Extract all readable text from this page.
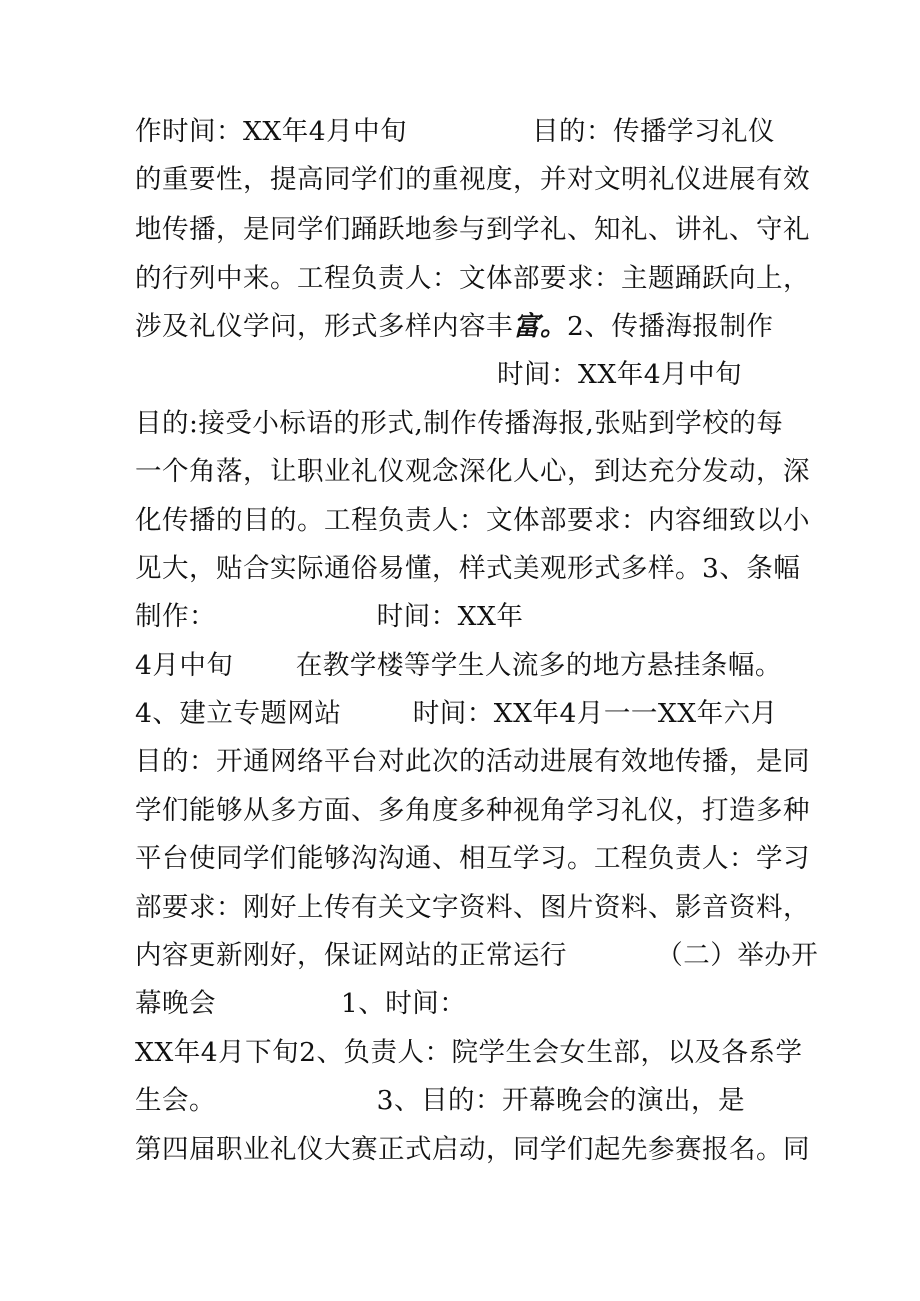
作时间：XX年4月中旬              目的：传播学习礼仪
的重要性，提高同学们的重视度，并对文明礼仪进展有效
地传播，是同学们踊跃地参与到学礼、知礼、讲礼、守礼
的行列中来。工程负责人：文体部要求：主题踊跃向上，
涉及礼仪学问，形式多样内容丰富。2、传播海报制作
时间：XX年4月中旬
目的:接受小标语的形式,制作传播海报,张贴到学校的每
一个角落，让职业礼仪观念深化人心，到达充分发动，深
化传播的目的。工程负责人：文体部要求：内容细致以小
见大，贴合实际通俗易懂，样式美观形式多样。3、条幅
制作：                  时间：XX年
4月中旬       在教学楼等学生人流多的地方悬挂条幅。
4、建立专题网站        时间：XX年4月一一XX年六月
目的：开通网络平台对此次的活动进展有效地传播，是同
学们能够从多方面、多角度多种视角学习礼仪，打造多种
平台使同学们能够沟沟通、相互学习。工程负责人：学习
部要求：刚好上传有关文字资料、图片资料、影音资料，
内容更新刚好，保证网站的正常运行          （二）举办开
幕晚会              1、时间：
XX年4月下旬2、负责人：院学生会女生部，以及各系学
生会。                  3、目的：开幕晚会的演出，是
第四届职业礼仪大赛正式启动，同学们起先参赛报名。同
